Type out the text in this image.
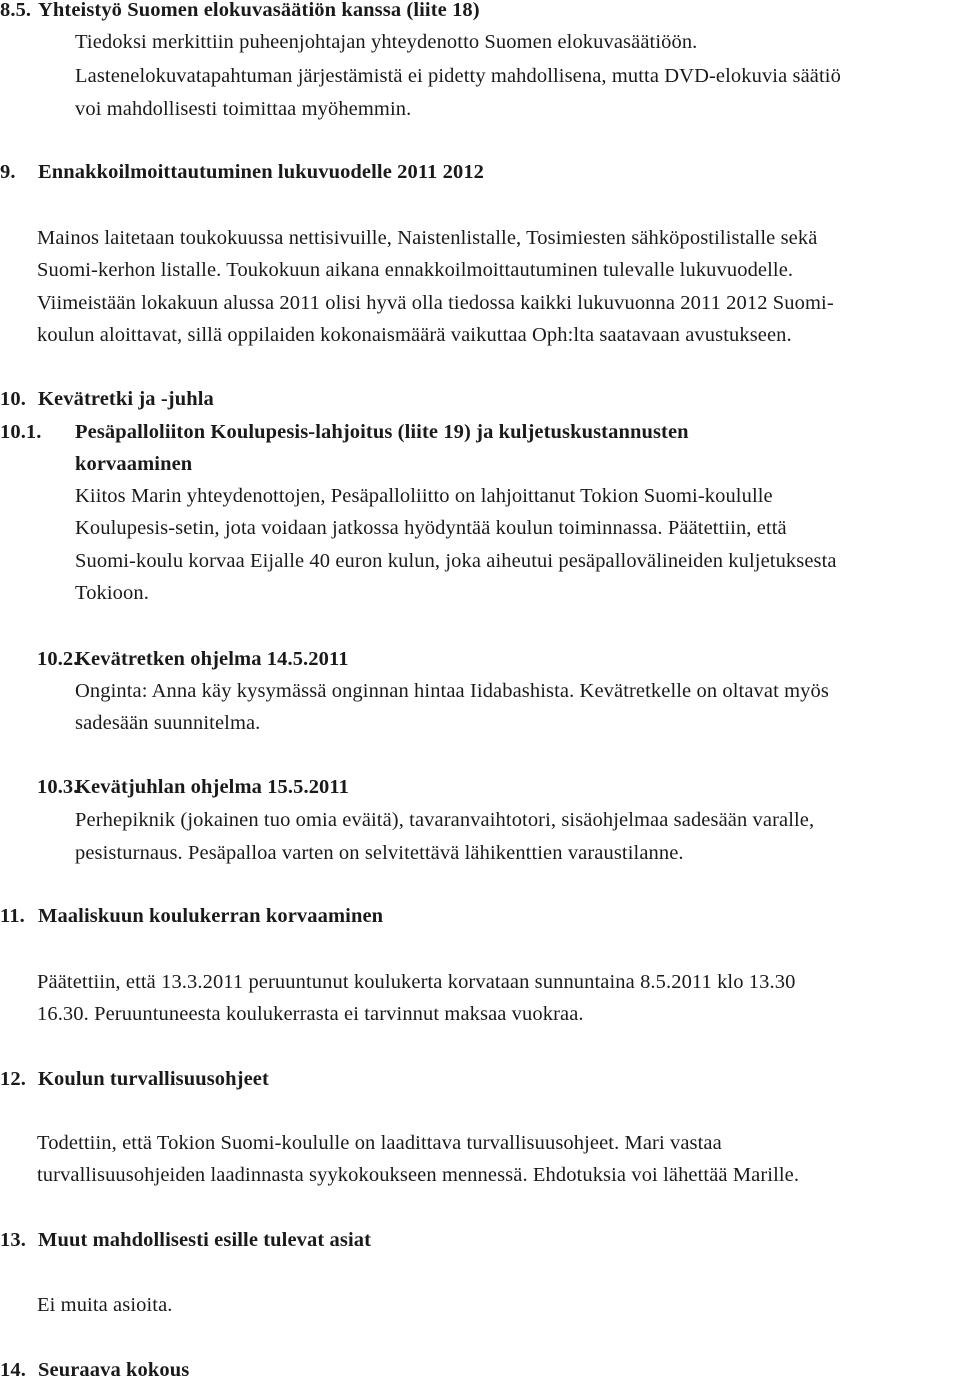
8.5. Yhteistyö Suomen elokuvasäätiön kanssa (liite 18)
Tiedoksi merkittiin puheenjohtajan yhteydenotto Suomen elokuvasäätiöön.
Lastenelokuvatapahtuman järjestämistä ei pidetty mahdollisena, mutta DVD-elokuvia säätiö
voi mahdollisesti toimittaa myöhemmin.
9. Ennakkoilmoittautuminen lukuvuodelle 2011 2012
Mainos laitetaan toukokuussa nettisivuille, Naistenlistalle, Tosimiesten sähköpostilistalle sekä
Suomi-kerhon listalle. Toukokuun aikana ennakkoilmoittautuminen tulevalle lukuvuodelle.
Viimeistään lokakuun alussa 2011 olisi hyvä olla tiedossa kaikki lukuvuonna 2011 2012 Suomi-
koulun aloittavat, sillä oppilaiden kokonaismäärä vaikuttaa Oph:lta saatavaan avustukseen.
10. Kevätretki ja -juhla
10.1. Pesäpalloliiton Koulupesis-lahjoitus (liite 19) ja kuljetuskustannusten
korvaaminen
Kiitos Marin yhteydenottojen, Pesäpalloliitto on lahjoittanut Tokion Suomi-koululle
Koulupesis-setin, jota voidaan jatkossa hyödyntää koulun toiminnassa. Päätettiin, että
Suomi-koulu korvaa Eijalle 40 euron kulun, joka aiheutui pesäpallovälineiden kuljetuksesta
Tokioon.
10.2.Kevätretken ohjelma 14.5.2011
Onginta: Anna käy kysymässä onginnan hintaa Iidabashista. Kevätretkelle on oltavat myös
sadesään suunnitelma.
10.3.Kevätjuhlan ohjelma 15.5.2011
Perhepiknik (jokainen tuo omia eväitä), tavaranvaihtotori, sisäohjelmaa sadesään varalle,
pesisturnaus. Pesäpalloa varten on selvitettävä lähikenttien varaustilanne.
11. Maaliskuun koulukerran korvaaminen
Päätettiin, että 13.3.2011 peruuntunut koulukerta korvataan sunnuntaina 8.5.2011 klo 13.30
16.30. Peruuntuneesta koulukerrasta ei tarvinnut maksaa vuokraa.
12. Koulun turvallisuusohjeet
Todettiin, että Tokion Suomi-koululle on laadittava turvallisuusohjeet. Mari vastaa
turvallisuusohjeiden laadinnasta syykokoukseen mennessä. Ehdotuksia voi lähettää Marille.
13. Muut mahdollisesti esille tulevat asiat
Ei muita asioita.
14. Seuraava kokous
